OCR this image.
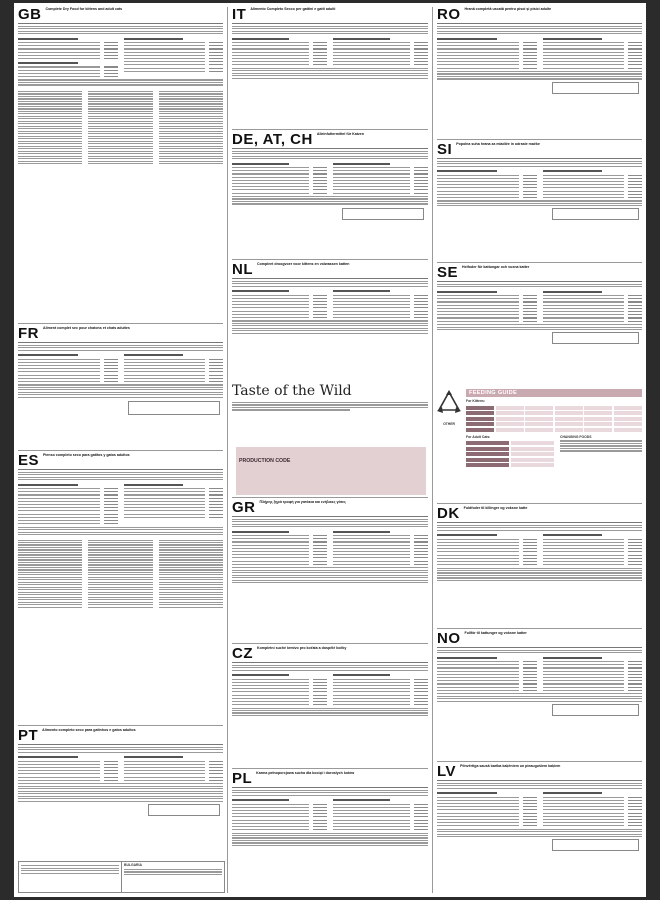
GB Complete Dry Food for kittens and adult cats
FR Aliment complet sec pour chatons et chats adultes
ES Pienso completo seco para gatitos y gatos adultos
PT Alimento completo seco para gatinhos e gatos adultos
BULGARIA
IT Alimento Completo Secco per gattini e gatti adulti
DE, AT, CH Alleinfuttermittel für Katzen
NL Compleet droogvoer voor kittens en volwassen katten
Taste of the Wild
PRODUCTION CODE
GR Πλήρης ξηρά τροφή για γατάκια και ενήλικες γάτες
CZ Kompletní suché krmivo pro koťata a dospělé kočky
PL Karma pełnoporcjowa sucha dla kociąt i dorosłych kotów
RO Hrană completă uscată pentru pisoi și pisici adulte
SI Popolna suha hrana za mladiče in odrasle mačke
SE Helfoder för kattungar och vuxna katter
OTHER
FEEDING GUIDE
For Kittens:
For Adult Cats:	CHANGING FOODS
DK Fuldfoder til killinger og voksne katte
NO Fullfôr til kattunger og voksne katter
LV Pilnvērtīga sausā barība kaķēniem un pieaugušiem kaķiem
